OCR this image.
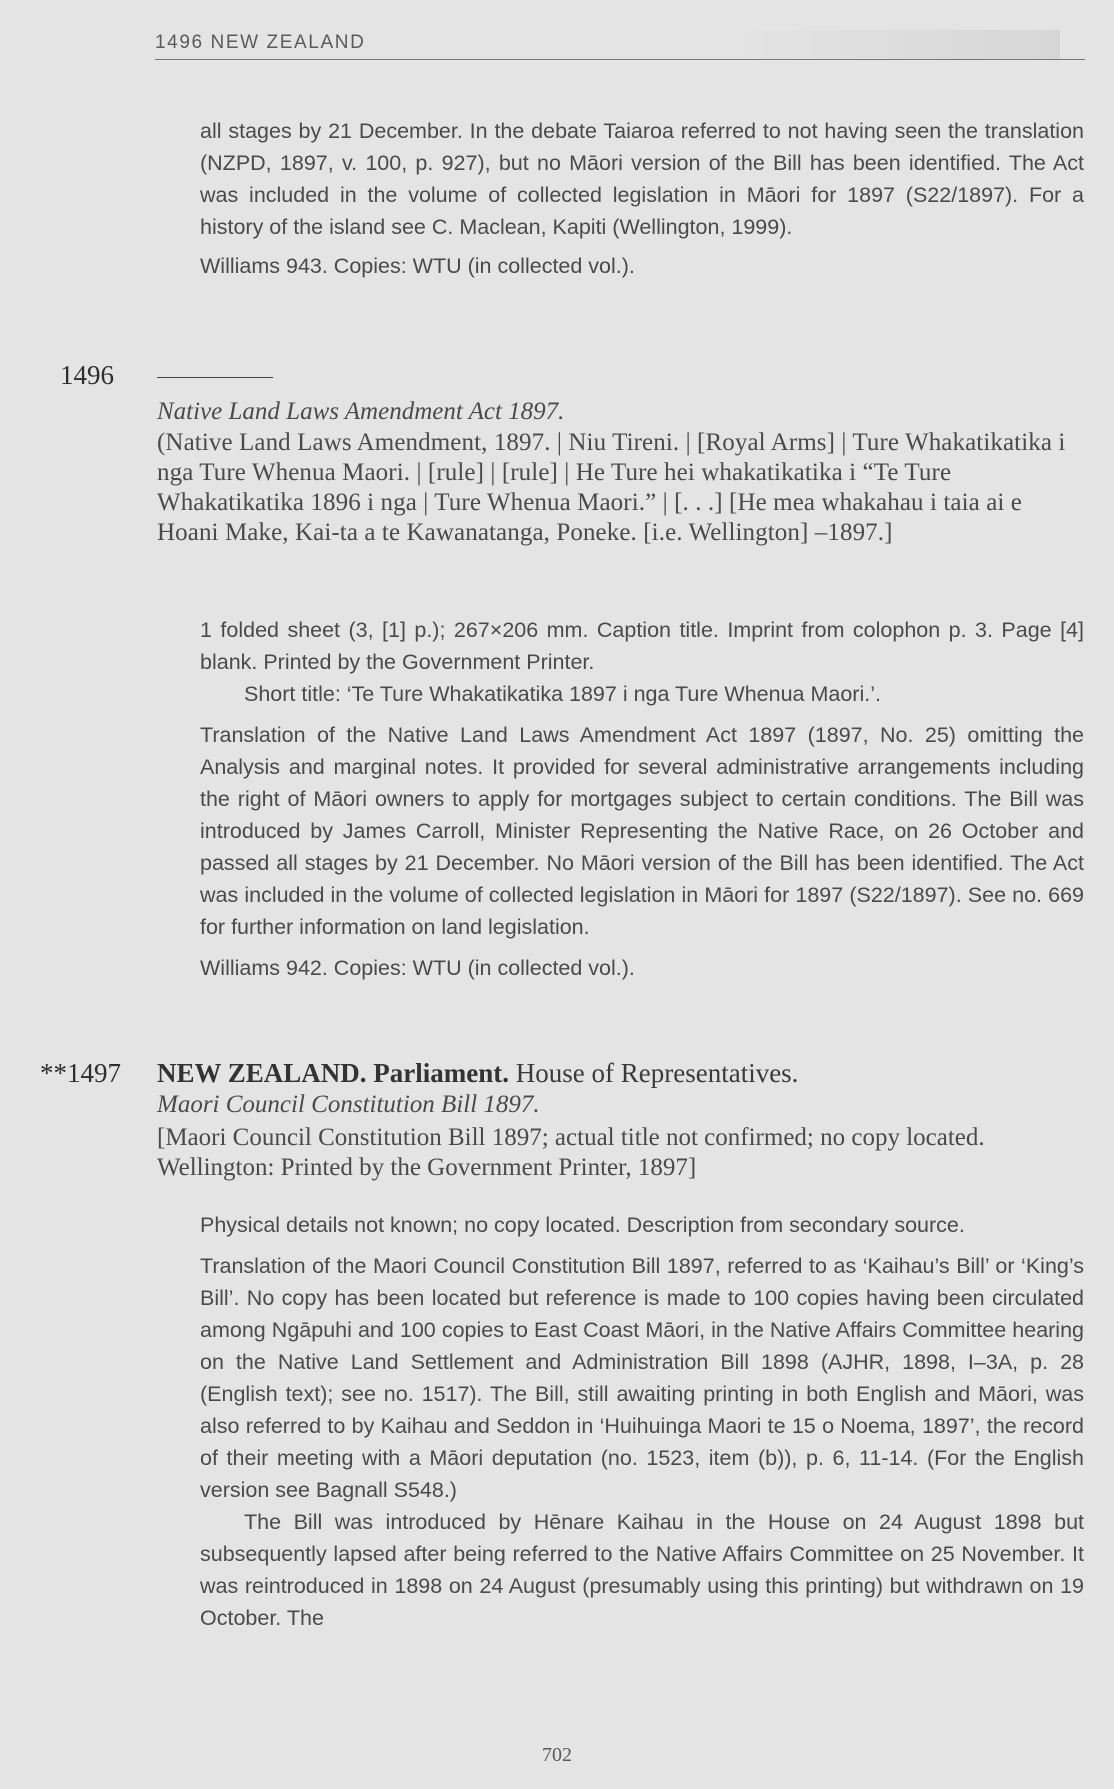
1496 NEW ZEALAND

all stages by 21 December. In the debate Taiaroa referred to not having seen the translation (NZPD, 1897, v. 100, p. 927), but no Māori version of the Bill has been identified. The Act was included in the volume of collected legislation in Māori for 1897 (S22/1897). For a history of the island see C. Maclean, Kapiti (Wellington, 1999).

Williams 943. Copies: WTU (in collected vol.).

1496

Native Land Laws Amendment Act 1897.

(Native Land Laws Amendment, 1897. | Niu Tireni. | [Royal Arms] | Ture Whakatikatika i nga Ture Whenua Maori. | [rule] | [rule] | He Ture hei whakatikatika i “Te Ture Whakatikatika 1896 i nga | Ture Whenua Maori.” | [. . .] [He mea whakahau i taia ai e Hoani Make, Kai-ta a te Kawanatanga, Poneke. [i.e. Wellington] –1897.]

1 folded sheet (3, [1] p.); 267×206 mm. Caption title. Imprint from colophon p. 3. Page [4] blank. Printed by the Government Printer.

Short title: ‘Te Ture Whakatikatika 1897 i nga Ture Whenua Maori.’.

Translation of the Native Land Laws Amendment Act 1897 (1897, No. 25) omitting the Analysis and marginal notes. It provided for several administrative arrangements including the right of Māori owners to apply for mortgages subject to certain conditions. The Bill was introduced by James Carroll, Minister Representing the Native Race, on 26 October and passed all stages by 21 December. No Māori version of the Bill has been identified. The Act was included in the volume of collected legislation in Māori for 1897 (S22/1897). See no. 669 for further information on land legislation.

Williams 942. Copies: WTU (in collected vol.).

**1497 NEW ZEALAND. Parliament. House of Representatives.

Maori Council Constitution Bill 1897.

[Maori Council Constitution Bill 1897; actual title not confirmed; no copy located. Wellington: Printed by the Government Printer, 1897]

Physical details not known; no copy located. Description from secondary source.

Translation of the Maori Council Constitution Bill 1897, referred to as ‘Kaihau’s Bill’ or ‘King’s Bill’. No copy has been located but reference is made to 100 copies having been circulated among Ngāpuhi and 100 copies to East Coast Māori, in the Native Affairs Committee hearing on the Native Land Settlement and Administration Bill 1898 (AJHR, 1898, I–3A, p. 28 (English text); see no. 1517). The Bill, still awaiting printing in both English and Māori, was also referred to by Kaihau and Seddon in ‘Huihuinga Maori te 15 o Noema, 1897’, the record of their meeting with a Māori deputation (no. 1523, item (b)), p. 6, 11-14. (For the English version see Bagnall S548.)

The Bill was introduced by Hēnare Kaihau in the House on 24 August 1898 but subsequently lapsed after being referred to the Native Affairs Committee on 25 November. It was reintroduced in 1898 on 24 August (presumably using this printing) but withdrawn on 19 October. The

702
